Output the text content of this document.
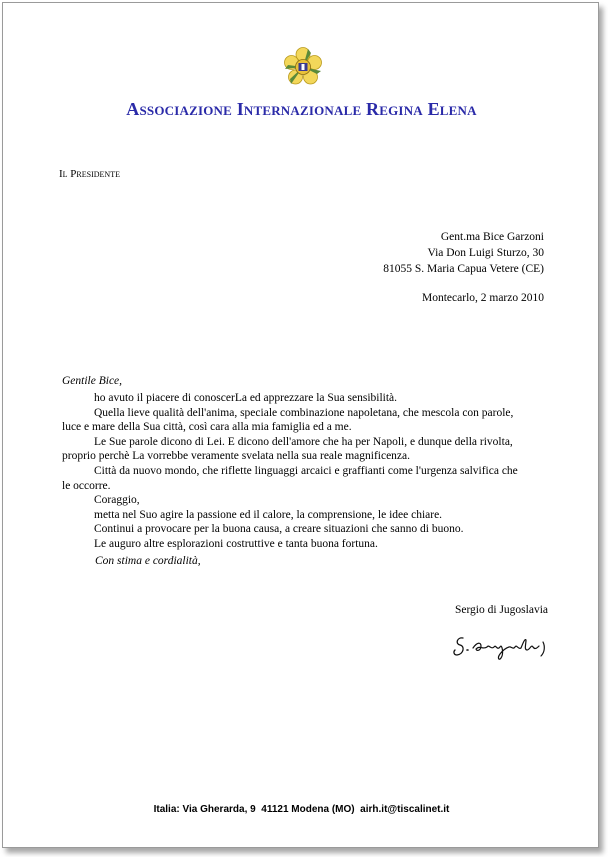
Associazione Internazionale Regina Elena
Il Presidente
Gent.ma Bice Garzoni
Via Don Luigi Sturzo, 30
81055 S. Maria Capua Vetere (CE)
Montecarlo, 2 marzo 2010
Gentile Bice,

ho avuto il piacere di conoscerLa ed apprezzare la Sua sensibilità.

Quella lieve qualità dell'anima, speciale combinazione napoletana, che mescola con parole,

luce e mare della Sua città, così cara alla mia famiglia ed a me.

Le Sue parole dicono di Lei. E dicono dell'amore che ha per Napoli, e dunque della rivolta,

proprio perchè La vorrebbe veramente svelata nella sua reale magnificenza.

Città da nuovo mondo, che riflette linguaggi arcaici e graffianti come l'urgenza salvifica che

le occorre.

Coraggio,

metta nel Suo agire la passione ed il calore, la comprensione, le idee chiare.

Continui a provocare per la buona causa, a creare situazioni che sanno di buono.

Le auguro altre esplorazioni costruttive e tanta buona fortuna.

Con stima e cordialità,
Sergio di Jugoslavia
Italia: Via Gherarda, 9  41121 Modena (MO)  airh.it@tiscalinet.it
